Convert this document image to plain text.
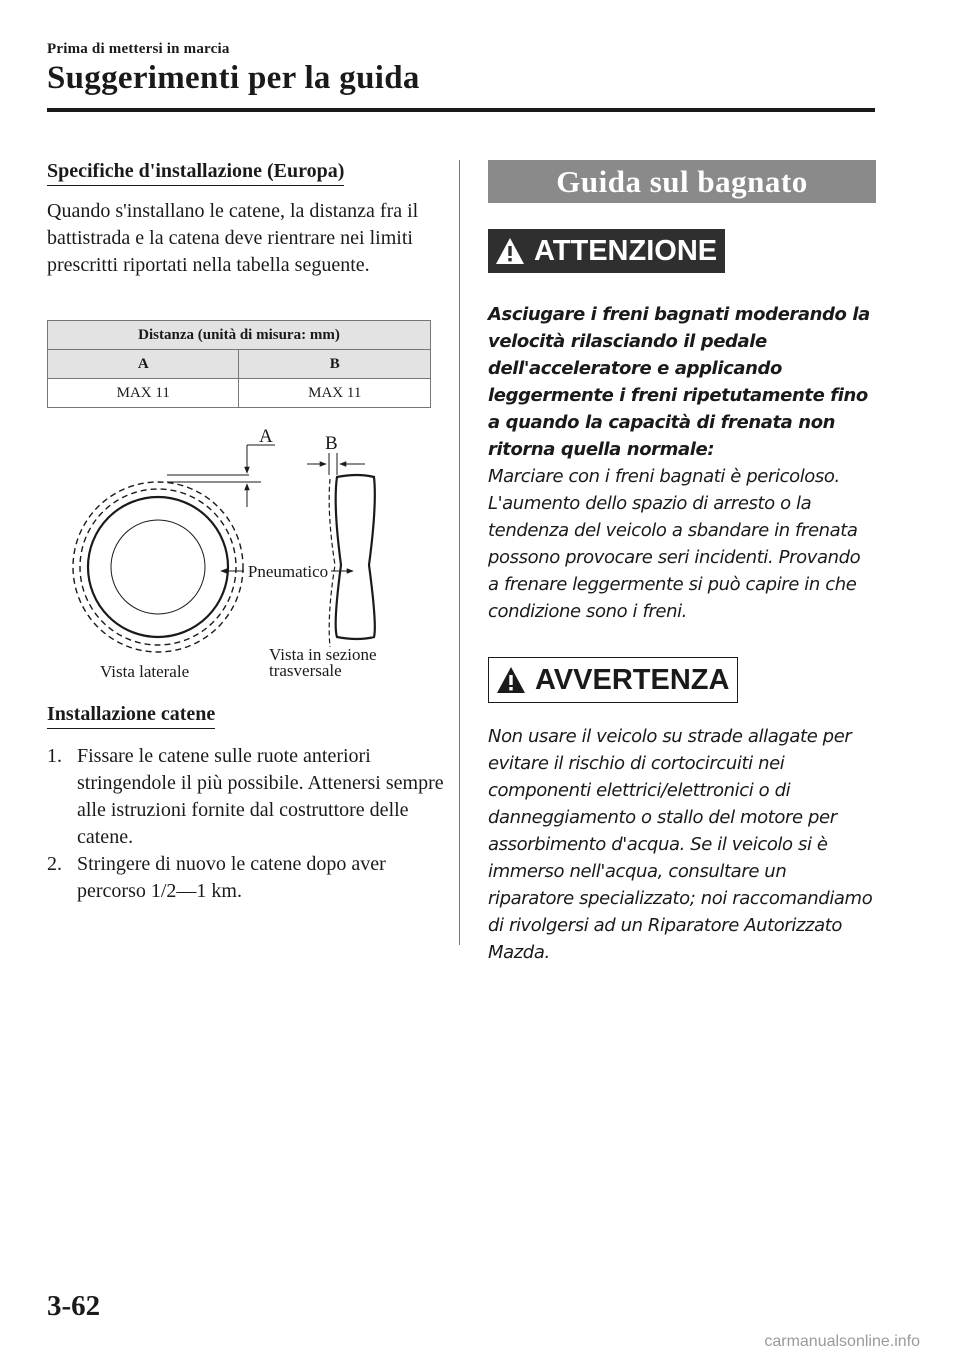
Prima di mettersi in marcia
Suggerimenti per la guida
Specifiche d'installazione (Europa)
Quando s'installano le catene, la distanza fra il battistrada e la catena deve rientrare nei limiti prescritti riportati nella tabella seguente.
Distanza (unità di misura: mm)	
A	B
MAX 11	MAX 11
A	B
Pneumatico
Vista laterale
Vista in sezione
trasversale
Installazione catene
1. Fissare le catene sulle ruote anteriori stringendole il più possibile. Attenersi sempre alle istruzioni fornite dal costruttore delle catene.
2. Stringere di nuovo le catene dopo aver percorso 1/2―1 km.
Guida sul bagnato
ATTENZIONE
Asciugare i freni bagnati moderando la velocità rilasciando il pedale dell'acceleratore e applicando leggermente i freni ripetutamente fino a quando la capacità di frenata non ritorna quella normale:
Marciare con i freni bagnati è pericoloso. L'aumento dello spazio di arresto o la tendenza del veicolo a sbandare in frenata possono provocare seri incidenti. Provando a frenare leggermente si può capire in che condizione sono i freni.
AVVERTENZA
Non usare il veicolo su strade allagate per evitare il rischio di cortocircuiti nei componenti elettrici/elettronici o di danneggiamento o stallo del motore per assorbimento d'acqua. Se il veicolo si è immerso nell'acqua, consultare un riparatore specializzato; noi raccomandiamo di rivolgersi ad un Riparatore Autorizzato Mazda.
3-62
carmanualsonline.info
